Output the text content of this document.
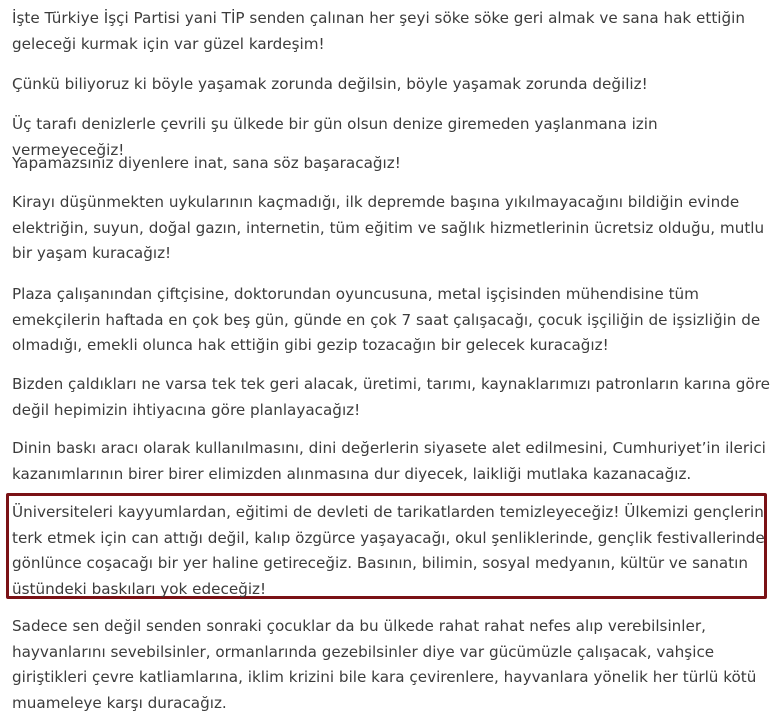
İşte Türkiye İşçi Partisi yani TİP senden çalınan her şeyi söke söke geri almak ve sana hak ettiğin geleceği kurmak için var güzel kardeşim!

Çünkü biliyoruz ki böyle yaşamak zorunda değilsin, böyle yaşamak zorunda değiliz!

Üç tarafı denizlerle çevrili şu ülkede bir gün olsun denize giremeden yaşlanmana izin vermeyeceğiz!

Yapamazsınız diyenlere inat, sana söz başaracağız!

Kirayı düşünmekten uykularının kaçmadığı, ilk depremde başına yıkılmayacağını bildiğin evinde elektriğin, suyun, doğal gazın, internetin, tüm eğitim ve sağlık hizmetlerinin ücretsiz olduğu, mutlu bir yaşam kuracağız!

Plaza çalışanından çiftçisine, doktorundan oyuncusuna, metal işçisinden mühendisine tüm emekçilerin haftada en çok beş gün, günde en çok 7 saat çalışacağı, çocuk işçiliğin de işsizliğin de olmadığı, emekli olunca hak ettiğin gibi gezip tozacağın bir gelecek kuracağız!

Bizden çaldıkları ne varsa tek tek geri alacak, üretimi, tarımı, kaynaklarımızı patronların karına göre değil hepimizin ihtiyacına göre planlayacağız!

Dinin baskı aracı olarak kullanılmasını, dini değerlerin siyasete alet edilmesini, Cumhuriyet’in ilerici kazanımlarının birer birer elimizden alınmasına dur diyecek, laikliği mutlaka kazanacağız.

Üniversiteleri kayyumlardan, eğitimi de devleti de tarikatlarden temizleyeceğiz! Ülkemizi gençlerin terk etmek için can attığı değil, kalıp özgürce yaşayacağı, okul şenliklerinde, gençlik festivallerinde gönlünce coşacağı bir yer haline getireceğiz. Basının, bilimin, sosyal medyanın, kültür ve sanatın üstündeki baskıları yok edeceğiz!

Sadece sen değil senden sonraki çocuklar da bu ülkede rahat rahat nefes alıp verebilsinler, hayvanlarını sevebilsinler, ormanlarında gezebilsinler diye var gücümüzle çalışacak, vahşice giriştikleri çevre katliamlarına, iklim krizini bile kara çevirenlere, hayvanlara yönelik her türlü kötü muameleye karşı duracağız.
